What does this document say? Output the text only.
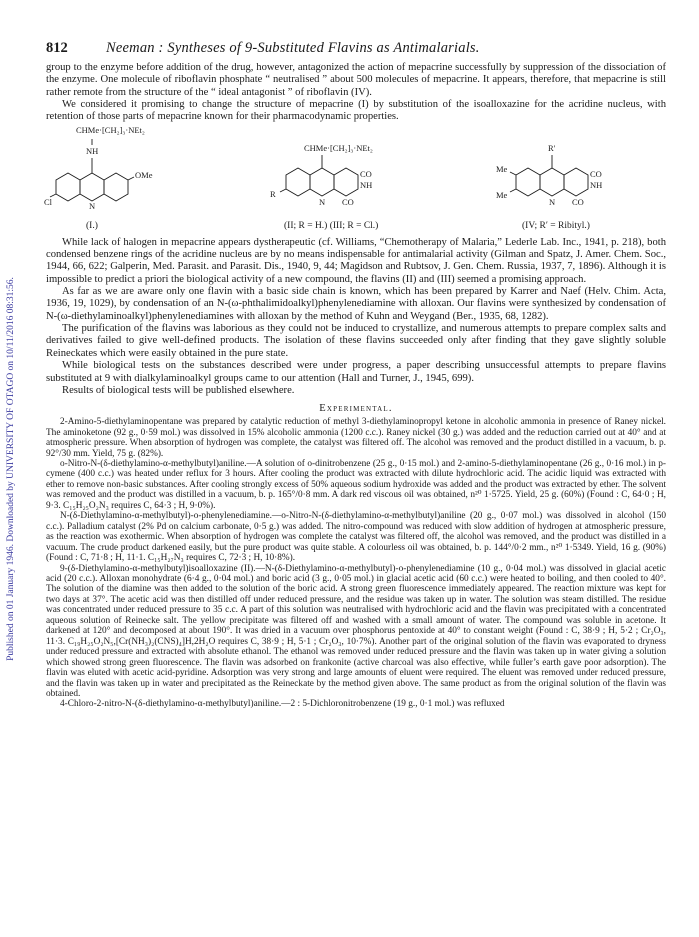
Published on 01 January 1946. Downloaded by UNIVERSITY OF OTAGO on 10/11/2016 08:31:56.
812	Neeman : Syntheses of 9-Substituted Flavins as Antimalarials.

group to the enzyme before addition of the drug, however, antagonized the action of mepacrine successfully by suppression of the dissociation of the enzyme. One molecule of riboflavin phosphate “ neutralised ” about 500 molecules of mepacrine. It appears, therefore, that mepacrine is still rather remote from the structure of the “ ideal antagonist ” of riboflavin (IV).

We considered it promising to change the structure of mepacrine (I) by substitution of the isoalloxazine for the acridine nucleus, with retention of those parts of mepacrine known for their pharmacodynamic properties.

CHMe·[CH₂]₃·NEt₂
NH
OMe
Cl	N
(I.)
CHMe·[CH₂]₃·NEt₂
R
N
CO
NH
CO
(II; R = H.) (III; R = Cl.)
R′
Me
Me
N
CO
NH
CO
(IV; R′ = Ribityl.)

While lack of halogen in mepacrine appears dystherapeutic (cf. Williams, “Chemotherapy of Malaria,” Lederle Lab. Inc., 1941, p. 218), both condensed benzene rings of the acridine nucleus are by no means indispensable for antimalarial activity (Gilman and Spatz, J. Amer. Chem. Soc., 1944, 66, 622; Galperin, Med. Parasit. and Parasit. Dis., 1940, 9, 44; Magidson and Rubtsov, J. Gen. Chem. Russia, 1937, 7, 1896). Although it is impossible to predict a priori the biological activity of a new compound, the flavins (II) and (III) seemed a promising approach.

As far as we are aware only one flavin with a basic side chain is known, which has been prepared by Karrer and Naef (Helv. Chim. Acta, 1936, 19, 1029), by condensation of an N-(ω-phthalimidoalkyl)phenylenediamine with alloxan. Our flavins were synthesized by condensation of N-(ω-diethylaminoalkyl)phenylenediamines with alloxan by the method of Kuhn and Weygand (Ber., 1935, 68, 1282).

The purification of the flavins was laborious as they could not be induced to crystallize, and numerous attempts to prepare complex salts and derivatives failed to give well-defined products. The isolation of these flavins succeeded only after finding that they gave slightly soluble Reineckates which were easily obtained in the pure state.

While biological tests on the substances described were under progress, a paper describing unsuccessful attempts to prepare flavins substituted at 9 with dialkylaminoalkyl groups came to our attention (Hall and Turner, J., 1945, 699).

Results of biological tests will be published elsewhere.

Experimental.

2-Amino-5-diethylaminopentane was prepared by catalytic reduction of methyl 3-diethylaminopropyl ketone in alcoholic ammonia in presence of Raney nickel. The aminoketone (92 g., 0·59 mol.) was dissolved in 15% alcoholic ammonia (1200 c.c.). Raney nickel (30 g.) was added and the reduction carried out at 40° and at atmospheric pressure. When absorption of hydrogen was complete, the catalyst was filtered off. The alcohol was removed and the product distilled in a vacuum, b. p. 92°/30 mm. Yield, 75 g. (82%).

o-Nitro-N-(δ-diethylamino-α-methylbutyl)aniline.—A solution of o-dinitrobenzene (25 g., 0·15 mol.) and 2-amino-5-diethylaminopentane (26 g., 0·16 mol.) in p-cymene (400 c.c.) was heated under reflux for 3 hours. After cooling the product was extracted with dilute hydrochloric acid. The acidic liquid was extracted with ether to remove non-basic substances. After cooling strongly excess of 50% aqueous sodium hydroxide was added and the product was extracted by ether. The solvent was removed and the product was distilled in a vacuum, b. p. 165°/0·8 mm. A dark red viscous oil was obtained, n²⁰ 1·5725. Yield, 25 g. (60%) (Found : C, 64·0 ; H, 9·3. C₁₅H₂₅O₂N₃ requires C, 64·3 ; H, 9·0%).

N-(δ-Diethylamino-α-methylbutyl)-o-phenylenediamine.—o-Nitro-N-(δ-diethylamino-α-methylbutyl)aniline (20 g., 0·07 mol.) was dissolved in alcohol (150 c.c.). Palladium catalyst (2% Pd on calcium carbonate, 0·5 g.) was added. The nitro-compound was reduced with slow addition of hydrogen at atmospheric pressure, as the reaction was exothermic. When absorption of hydrogen was complete the catalyst was filtered off, the alcohol was removed, and the product was distilled in a vacuum. The crude product darkened easily, but the pure product was quite stable. A colourless oil was obtained, b. p. 144°/0·2 mm., n²⁰ 1·5349. Yield, 16 g. (90%) (Found : C, 71·8 ; H, 11·1. C₁₅H₂₇N₃ requires C, 72·3 ; H, 10·8%).

9-(δ-Diethylamino-α-methylbutyl)isoalloxazine (II).—N-(δ-Diethylamino-α-methylbutyl)-o-phenylenediamine (10 g., 0·04 mol.) was dissolved in glacial acetic acid (20 c.c.). Alloxan monohydrate (6·4 g., 0·04 mol.) and boric acid (3 g., 0·05 mol.) in glacial acetic acid (60 c.c.) were heated to boiling, and then cooled to 40°. The solution of the diamine was then added to the solution of the boric acid. A strong green fluorescence immediately appeared. The reaction mixture was kept for two days at 37°. The acetic acid was then distilled off under reduced pressure, and the residue was taken up in water. The solution was steam distilled. The residue was concentrated under reduced pressure to 35 c.c. A part of this solution was neutralised with hydrochloric acid and the flavin was precipitated with a concentrated aqueous solution of Reinecke salt. The yellow precipitate was filtered off and washed with a small amount of water. The compound was soluble in acetone. It darkened at 120° and decomposed at about 190°. It was dried in a vacuum over phosphorus pentoxide at 40° to constant weight (Found : C, 38·9 ; H, 5·2 ; Cr₂O₃, 11·3. C₁₉H₂₅O₂N₅,[Cr(NH₃)₂(CNS)₄]H,2H₂O requires C, 38·9 ; H, 5·1 ; Cr₂O₃, 10·7%). Another part of the original solution of the flavin was evaporated to dryness under reduced pressure and extracted with absolute ethanol. The ethanol was removed under reduced pressure and the flavin was taken up in water giving a solution which showed strong green fluorescence. The flavin was adsorbed on frankonite (active charcoal was also effective, while fuller’s earth gave poor adsorption). The flavin was eluted with acetic acid-pyridine. Adsorption was very strong and large amounts of eluent were required. The eluent was removed under reduced pressure, and the flavin was taken up in water and precipitated as the Reineckate by the method given above. The same product as from the original solution of the flavin was obtained.

4-Chloro-2-nitro-N-(δ-diethylamino-α-methylbutyl)aniline.—2 : 5-Dichloronitrobenzene (19 g., 0·1 mol.) was refluxed
